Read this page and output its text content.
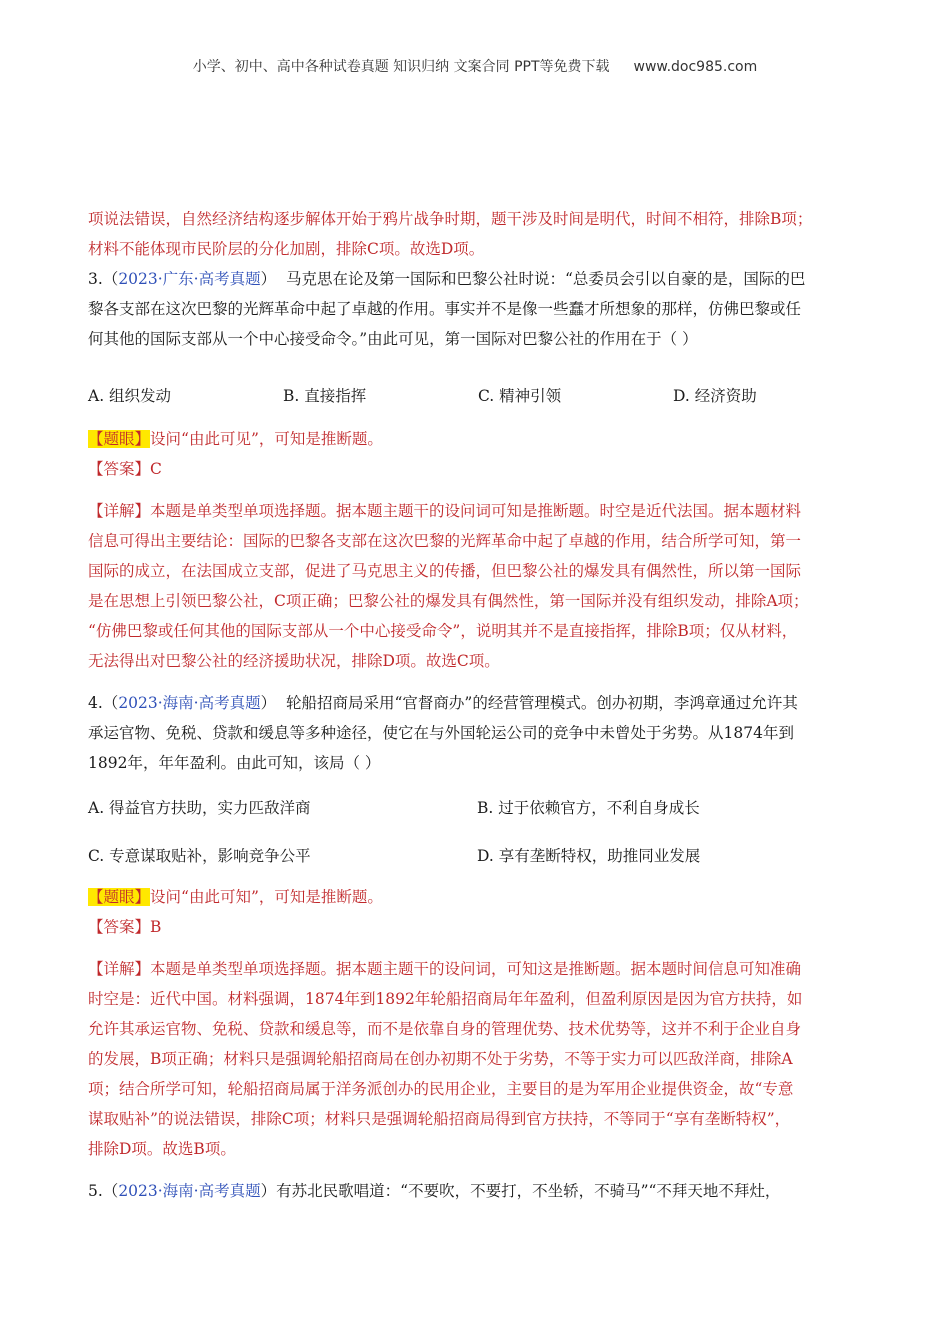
小学、初中、高中各种试卷真题 知识归纳 文案合同 PPT等免费下载 www.doc985.com

项说法错误，自然经济结构逐步解体开始于鸦片战争时期，题干涉及时间是明代，时间不相符，排除B项；

材料不能体现市民阶层的分化加剧，排除C项。故选D项。

3.（2023·广东·高考真题） 马克思在论及第一国际和巴黎公社时说：“总委员会引以自豪的是，国际的巴

黎各支部在这次巴黎的光辉革命中起了卓越的作用。事实并不是像一些蠢才所想象的那样，仿佛巴黎或任

何其他的国际支部从一个中心接受命令。”由此可见，第一国际对巴黎公社的作用在于（ ）

A. 组织发动	B. 直接指挥	C. 精神引领	D. 经济资助

【题眼】设问“由此可见”，可知是推断题。

【答案】C

【详解】本题是单类型单项选择题。据本题主题干的设问词可知是推断题。时空是近代法国。据本题材料

信息可得出主要结论：国际的巴黎各支部在这次巴黎的光辉革命中起了卓越的作用，结合所学可知，第一

国际的成立，在法国成立支部，促进了马克思主义的传播，但巴黎公社的爆发具有偶然性，所以第一国际

是在思想上引领巴黎公社，C项正确；巴黎公社的爆发具有偶然性，第一国际并没有组织发动，排除A项；

“仿佛巴黎或任何其他的国际支部从一个中心接受命令”，说明其并不是直接指挥，排除B项；仅从材料，

无法得出对巴黎公社的经济援助状况，排除D项。故选C项。

4.（2023·海南·高考真题） 轮船招商局采用“官督商办”的经营管理模式。创办初期，李鸿章通过允许其

承运官物、免税、贷款和缓息等多种途径，使它在与外国轮运公司的竞争中未曾处于劣势。从1874年到

1892年，年年盈利。由此可知，该局（ ）

A. 得益官方扶助，实力匹敌洋商	B. 过于依赖官方，不利自身成长
C. 专意谋取贴补，影响竞争公平	D. 享有垄断特权，助推同业发展

【题眼】设问“由此可知”，可知是推断题。

【答案】B

【详解】本题是单类型单项选择题。据本题主题干的设问词，可知这是推断题。据本题时间信息可知准确

时空是：近代中国。材料强调，1874年到1892年轮船招商局年年盈利，但盈利原因是因为官方扶持，如

允许其承运官物、免税、贷款和缓息等，而不是依靠自身的管理优势、技术优势等，这并不利于企业自身

的发展，B项正确；材料只是强调轮船招商局在创办初期不处于劣势，不等于实力可以匹敌洋商，排除A

项；结合所学可知，轮船招商局属于洋务派创办的民用企业，主要目的是为军用企业提供资金，故“专意

谋取贴补”的说法错误，排除C项；材料只是强调轮船招商局得到官方扶持，不等同于“享有垄断特权”，

排除D项。故选B项。

5.（2023·海南·高考真题）有苏北民歌唱道：“不要吹，不要打，不坐轿，不骑马”“不拜天地不拜灶，
